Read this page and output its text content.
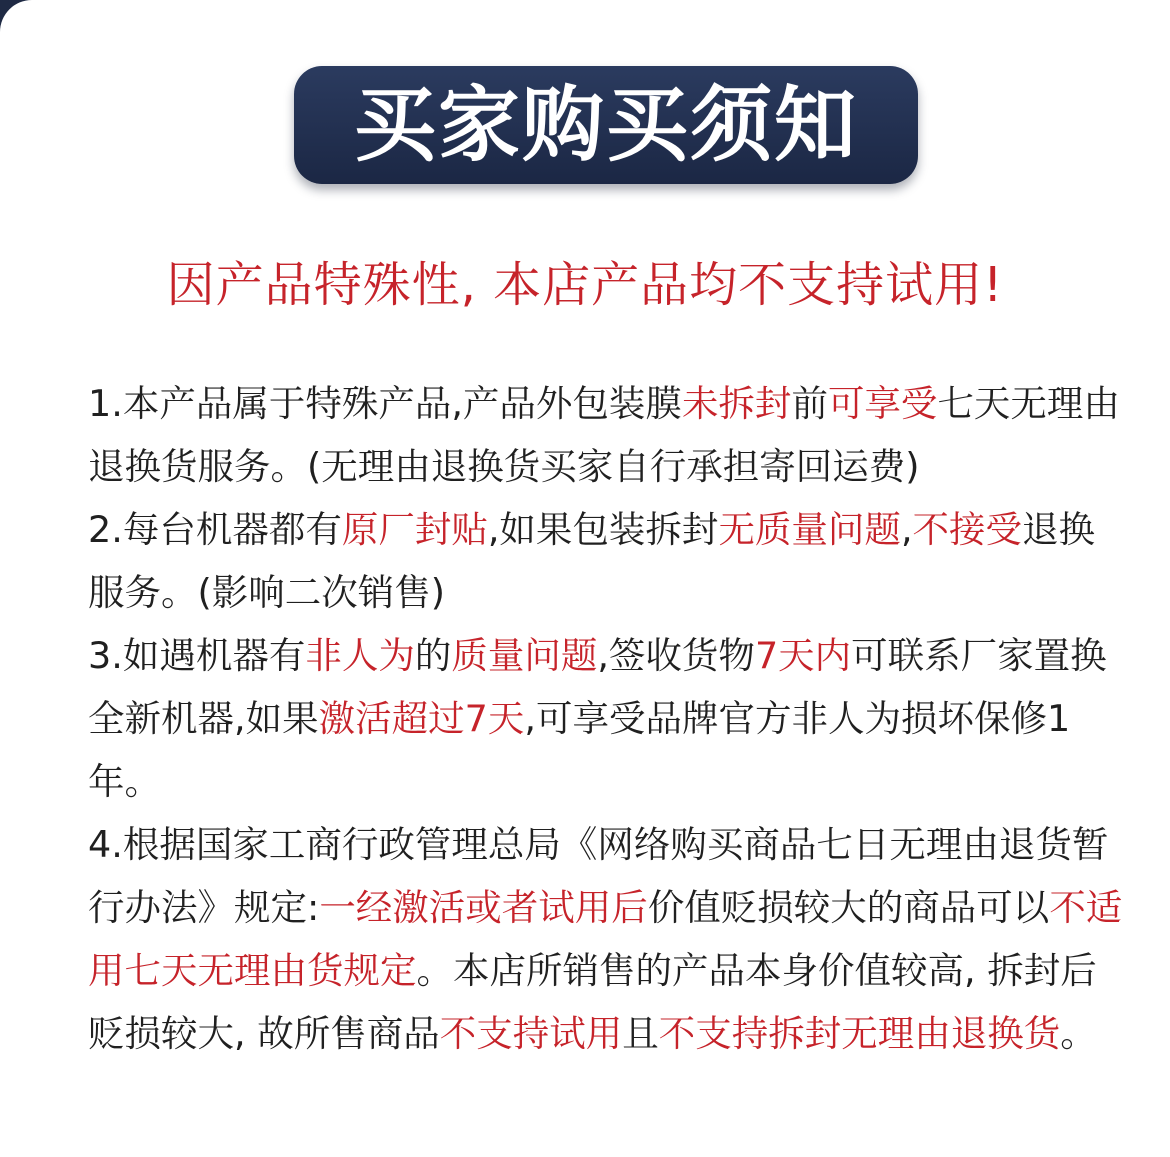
买家购买须知
因产品特殊性, 本店产品均不支持试用!

1.本产品属于特殊产品,产品外包装膜未拆封前可享受七天无理由退换货服务。(无理由退换货买家自行承担寄回运费)

2.每台机器都有原厂封贴,如果包装拆封无质量问题,不接受退换服务。(影响二次销售)

3.如遇机器有非人为的质量问题,签收货物7天内可联系厂家置换全新机器,如果激活超过7天,可享受品牌官方非人为损坏保修1年。

4.根据国家工商行政管理总局《网络购买商品七日无理由退货暂行办法》规定:一经激活或者试用后价值贬损较大的商品可以不适用七天无理由货规定。本店所销售的产品本身价值较高, 拆封后贬损较大, 故所售商品不支持试用且不支持拆封无理由退换货。
